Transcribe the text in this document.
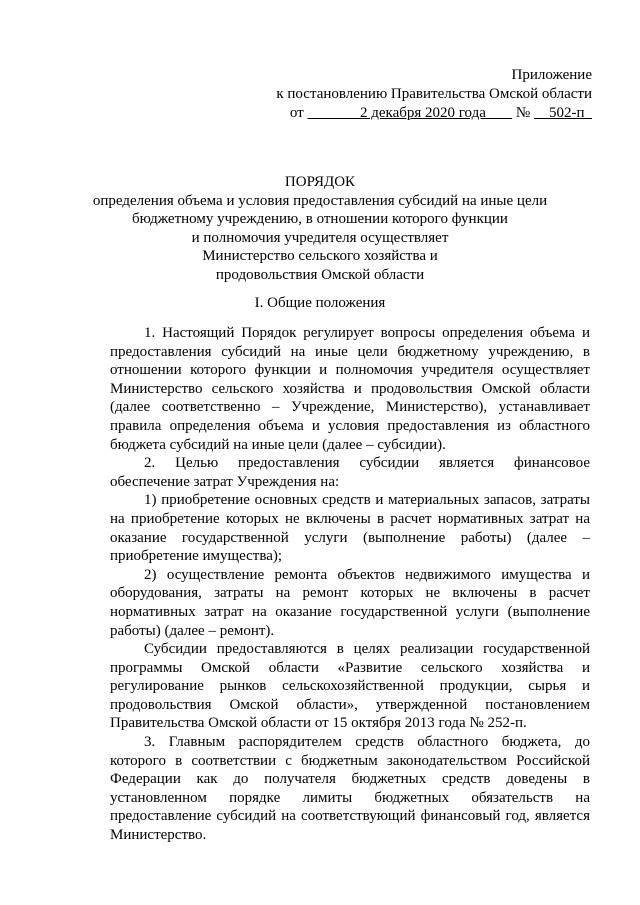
Приложение
к постановлению Правительства Омской области
от	2 декабря 2020 года № 502-п
ПОРЯДОК
определения объема и условия предоставления субсидий на иные цели
бюджетному учреждению, в отношении которого функции
и полномочия учредителя осуществляет
Министерство сельского хозяйства и
продовольствия Омской области
I. Общие положения

1. Настоящий Порядок регулирует вопросы определения объема и предоставления субсидий на иные цели бюджетному учреждению, в отношении которого функции и полномочия учредителя осуществляет Министерство сельского хозяйства и продовольствия Омской области (далее соответственно – Учреждение, Министерство), устанавливает правила определения объема и условия предоставления из областного бюджета субсидий на иные цели (далее – субсидии).

2. Целью предоставления субсидии является финансовое обеспечение затрат Учреждения на:

1) приобретение основных средств и материальных запасов, затраты на приобретение которых не включены в расчет нормативных затрат на оказание государственной услуги (выполнение работы) (далее – приобретение имущества);

2) осуществление ремонта объектов недвижимого имущества и оборудования, затраты на ремонт которых не включены в расчет нормативных затрат на оказание государственной услуги (выполнение работы) (далее – ремонт).

Субсидии предоставляются в целях реализации государственной программы Омской области «Развитие сельского хозяйства и регулирование рынков сельскохозяйственной продукции, сырья и продовольствия Омской области», утвержденной постановлением Правительства Омской области от 15 октября 2013 года № 252-п.

3. Главным распорядителем средств областного бюджета, до которого в соответствии с бюджетным законодательством Российской Федерации как до получателя бюджетных средств доведены в установленном порядке лимиты бюджетных обязательств на предоставление субсидий на соответствующий финансовый год, является Министерство.
